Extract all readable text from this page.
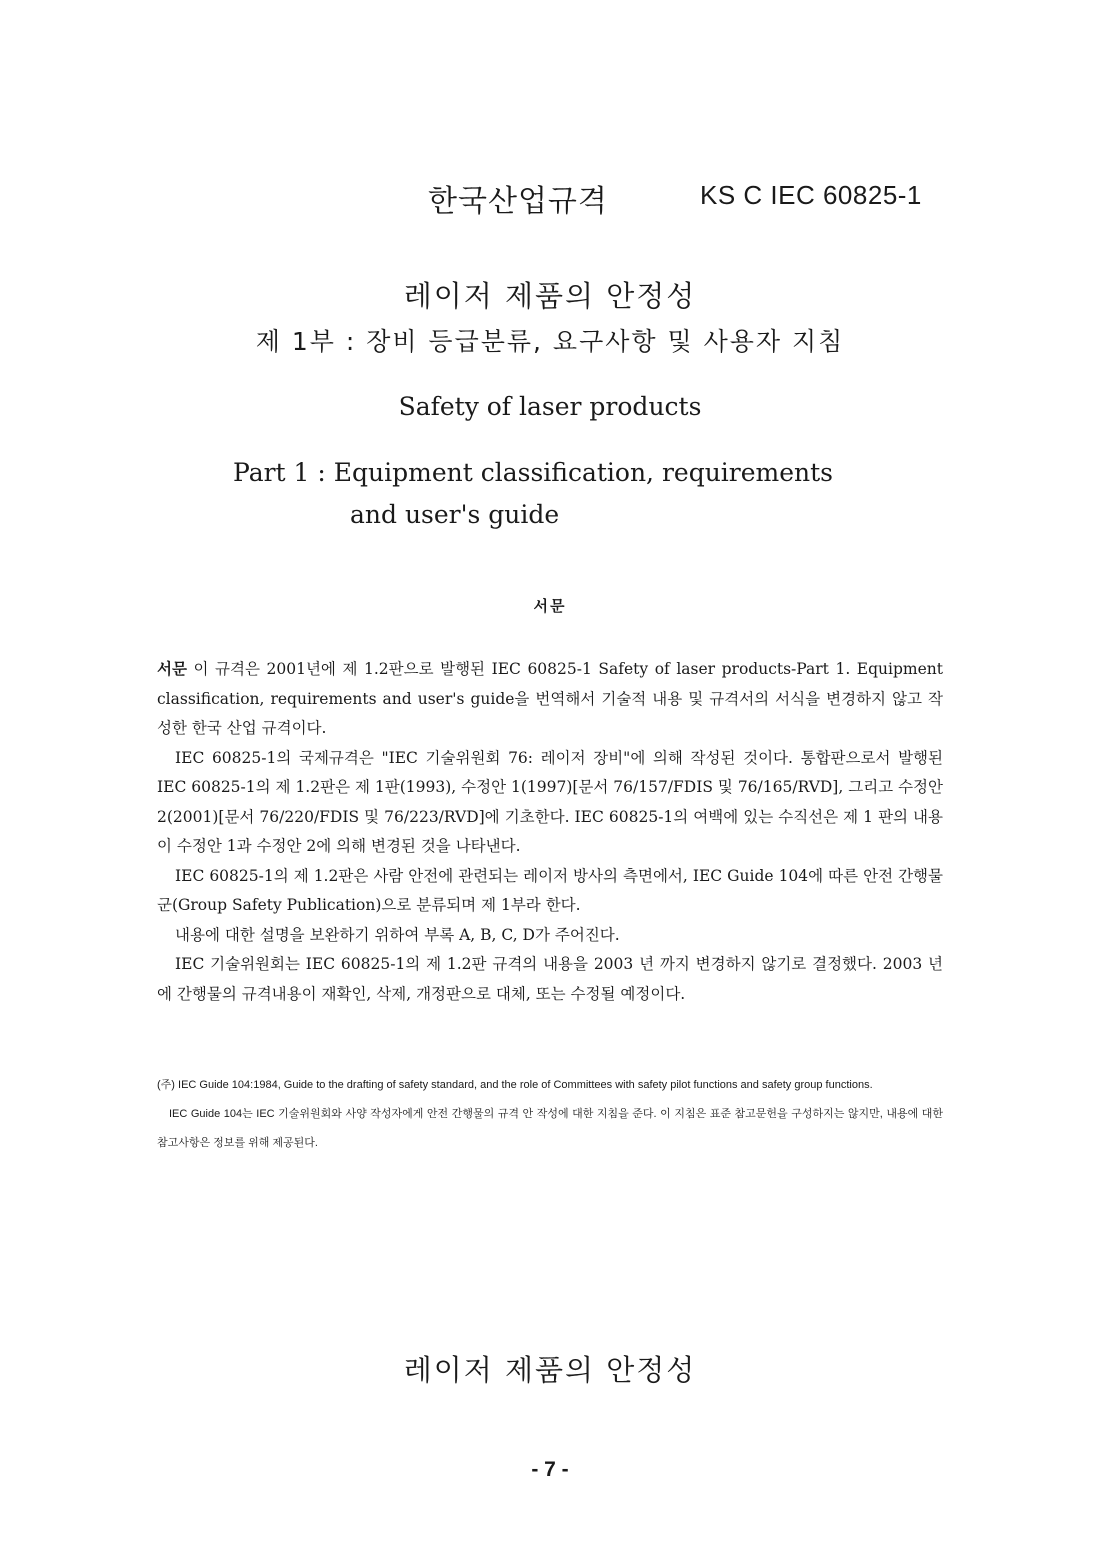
한국산업규격	KS C IEC 60825-1
레이저 제품의 안정성
제 1부 : 장비 등급분류, 요구사항 및 사용자 지침
Safety of laser products
Part 1 : Equipment classification, requirements
and user's guide
서문

서문 이 규격은 2001년에 제 1.2판으로 발행된 IEC 60825-1 Safety of laser products-Part 1. Equipment classification, requirements and user's guide을 번역해서 기술적 내용 및 규격서의 서식을 변경하지 않고 작성한 한국 산업 규격이다.

IEC 60825-1의 국제규격은 "IEC 기술위원회 76: 레이저 장비"에 의해 작성된 것이다. 통합판으로서 발행된 IEC 60825-1의 제 1.2판은 제 1판(1993), 수정안 1(1997)[문서 76/157/FDIS 및 76/165/RVD], 그리고 수정안 2(2001)[문서 76/220/FDIS 및 76/223/RVD]에 기초한다. IEC 60825-1의 여백에 있는 수직선은 제 1 판의 내용이 수정안 1과 수정안 2에 의해 변경된 것을 나타낸다.

IEC 60825-1의 제 1.2판은 사람 안전에 관련되는 레이저 방사의 측면에서, IEC Guide 104에 따른 안전 간행물 군(Group Safety Publication)으로 분류되며 제 1부라 한다.

내용에 대한 설명을 보완하기 위하여 부록 A, B, C, D가 주어진다.

IEC 기술위원회는 IEC 60825-1의 제 1.2판 규격의 내용을 2003 년 까지 변경하지 않기로 결정했다. 2003 년에 간행물의 규격내용이 재확인, 삭제, 개정판으로 대체, 또는 수정될 예정이다.

(주) IEC Guide 104:1984, Guide to the drafting of safety standard, and the role of Committees with safety pilot functions and safety group functions.

IEC Guide 104는 IEC 기술위원회와 사양 작성자에게 안전 간행물의 규격 안 작성에 대한 지침을 준다. 이 지침은 표준 참고문헌을 구성하지는 않지만, 내용에 대한 참고사항은 정보를 위해 제공된다.

레이저 제품의 안정성
- 7 -
